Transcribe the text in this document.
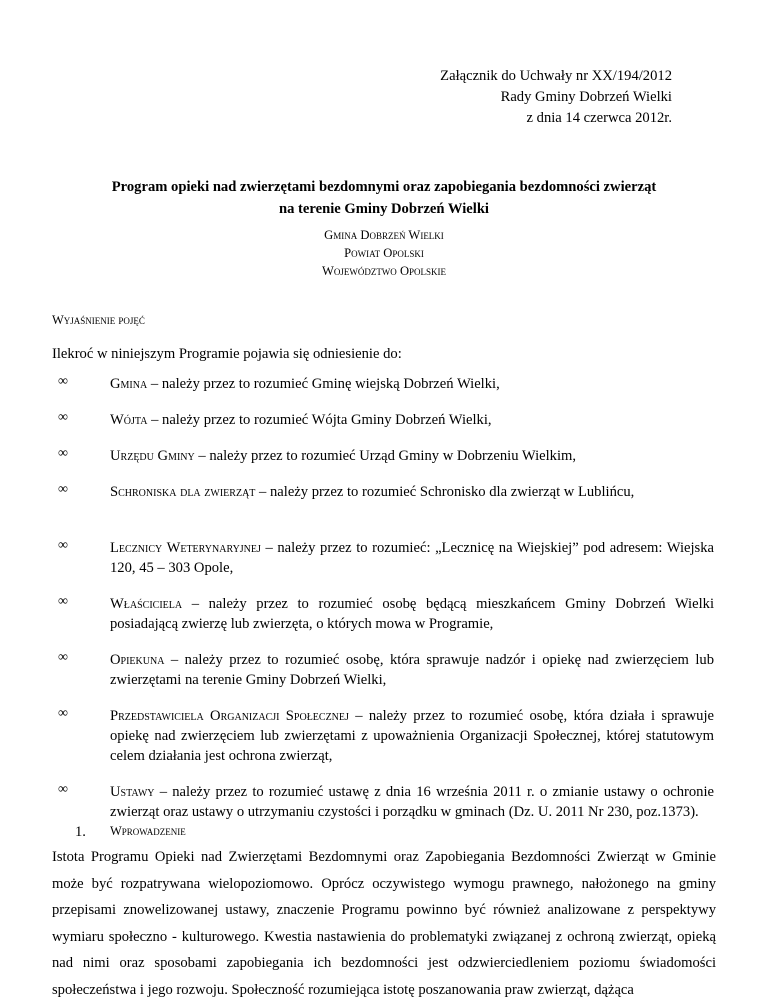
Załącznik do Uchwały nr XX/194/2012
Rady Gminy Dobrzeń Wielki
z dnia 14 czerwca 2012r.
Program opieki nad zwierzętami bezdomnymi oraz zapobiegania bezdomności zwierząt
na terenie Gminy Dobrzeń Wielki
Gmina Dobrzeń Wielki
Powiat Opolski
Województwo Opolskie
Wyjaśnienie pojęć
Ilekroć w niniejszym Programie pojawia się odniesienie do:
∞	Gmina – należy przez to rozumieć Gminę wiejską Dobrzeń Wielki,
∞	Wójta – należy przez to rozumieć Wójta Gminy Dobrzeń Wielki,
∞	Urzędu Gminy – należy przez to rozumieć Urząd Gminy w Dobrzeniu Wielkim,
∞	Schroniska dla zwierząt – należy przez to rozumieć Schronisko dla zwierząt w Lublińcu,
∞	Lecznicy Weterynaryjnej – należy przez to rozumieć: „Lecznicę na Wiejskiej” pod adresem: Wiejska 120, 45 – 303 Opole,
∞	Właściciela – należy przez to rozumieć osobę będącą mieszkańcem Gminy Dobrzeń Wielki posiadającą zwierzę lub zwierzęta, o których mowa w Programie,
∞	Opiekuna – należy przez to rozumieć osobę, która sprawuje nadzór i opiekę nad zwierzęciem lub zwierzętami na terenie Gminy Dobrzeń Wielki,
∞	Przedstawiciela Organizacji Społecznej – należy przez to rozumieć osobę, która działa i sprawuje opiekę nad zwierzęciem lub zwierzętami z upoważnienia Organizacji Społecznej, której statutowym celem działania jest ochrona zwierząt,
∞	Ustawy – należy przez to rozumieć ustawę z dnia 16 września 2011 r. o zmianie ustawy o ochronie zwierząt oraz ustawy o utrzymaniu czystości i porządku w gminach (Dz. U. 2011 Nr 230, poz.1373).
1. Wprowadzenie
Istota Programu Opieki nad Zwierzętami Bezdomnymi oraz Zapobiegania Bezdomności Zwierząt w Gminie może być rozpatrywana wielopoziomowo. Oprócz oczywistego wymogu prawnego, nałożonego na gminy przepisami znowelizowanej ustawy, znaczenie Programu powinno być również analizowane z perspektywy wymiaru społeczno - kulturowego. Kwestia nastawienia do problematyki związanej z ochroną zwierząt, opieką nad nimi oraz sposobami zapobiegania ich bezdomności jest odzwierciedleniem poziomu świadomości społeczeństwa i jego rozwoju. Społeczność rozumiejąca istotę poszanowania praw zwierząt, dążąca
